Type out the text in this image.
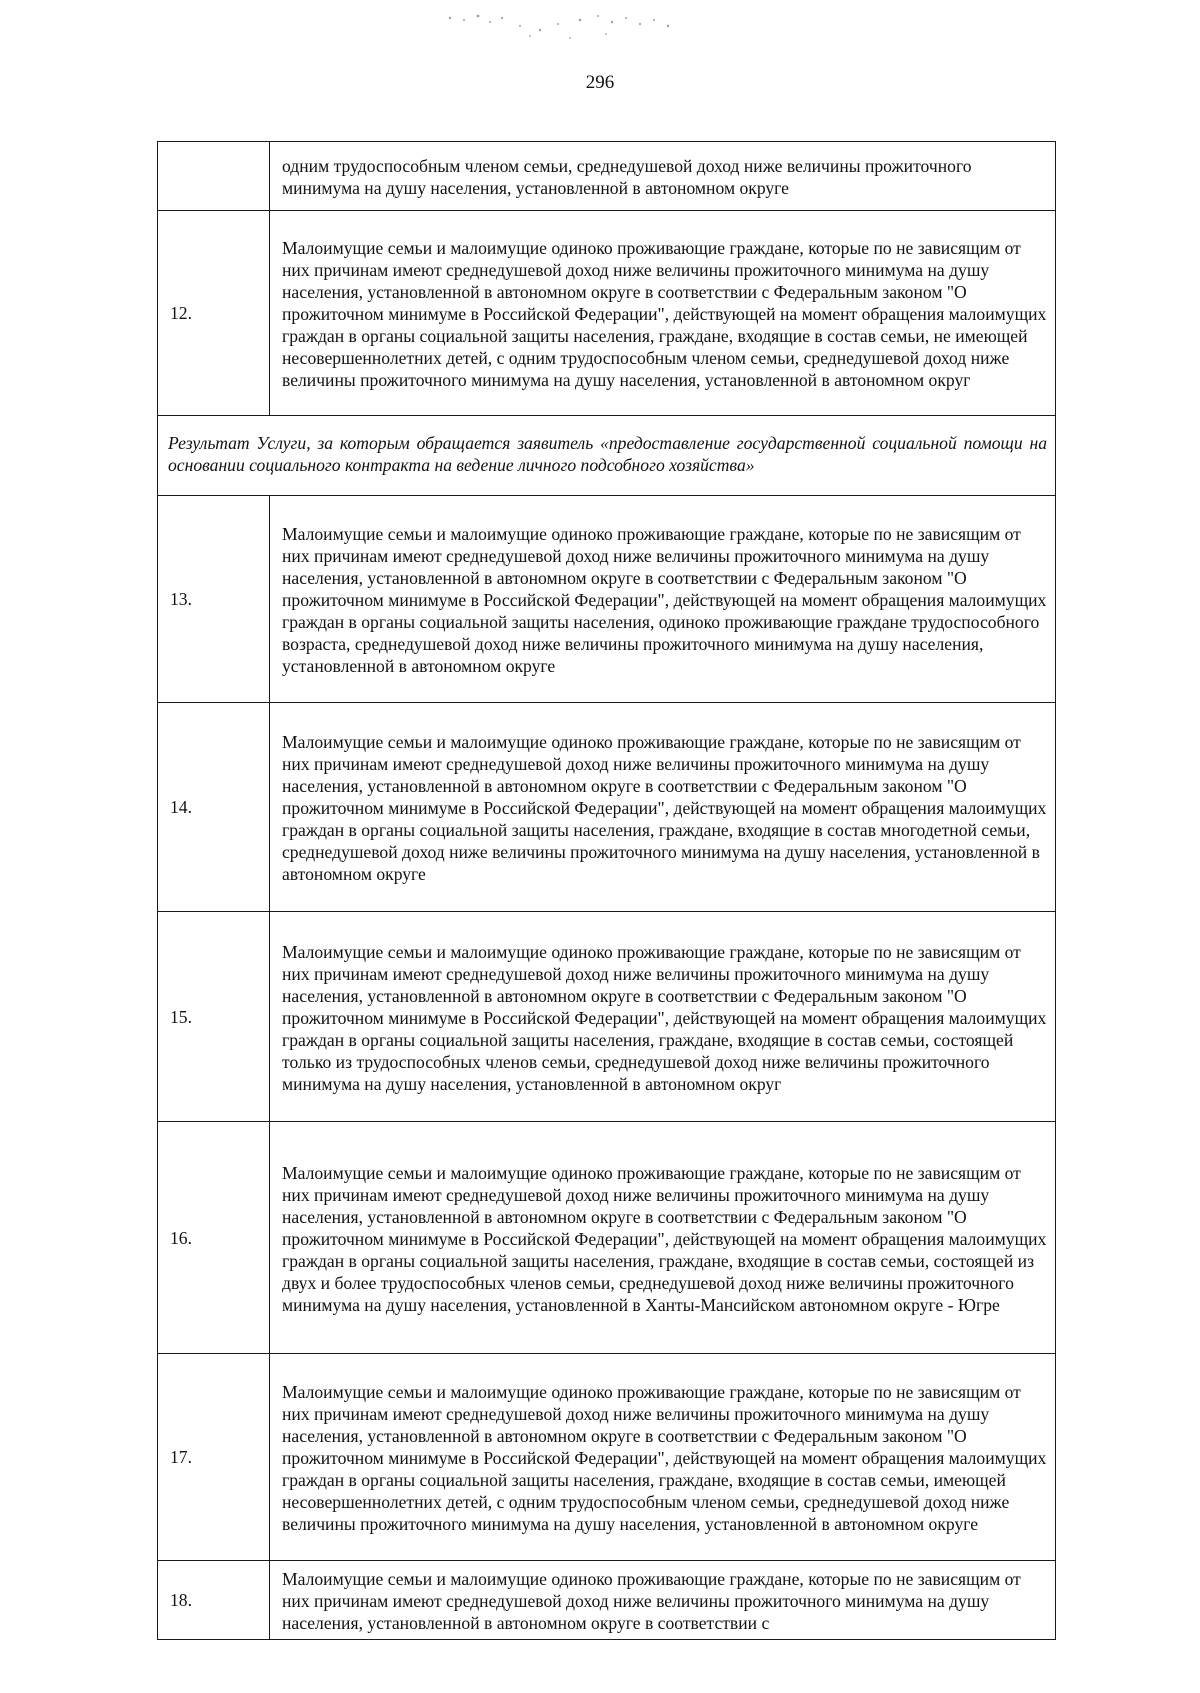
296
	одним трудоспособным членом семьи, среднедушевой доход ниже величины прожиточного минимума на душу населения, установленной в автономном округе
12.	Малоимущие семьи и малоимущие одиноко проживающие граждане, которые по не зависящим от них причинам имеют среднедушевой доход ниже величины прожиточного минимума на душу населения, установленной в автономном округе в соответствии с Федеральным законом "О прожиточном минимуме в Российской Федерации", действующей на момент обращения малоимущих граждан в органы социальной защиты населения, граждане, входящие в состав семьи, не имеющей несовершеннолетних детей, с одним трудоспособным членом семьи, среднедушевой доход ниже величины прожиточного минимума на душу населения, установленной в автономном округ
Результат Услуги, за которым обращается заявитель «предоставление государственной социальной помощи на основании социального контракта на ведение личного подсобного хозяйства»	
13.	Малоимущие семьи и малоимущие одиноко проживающие граждане, которые по не зависящим от них причинам имеют среднедушевой доход ниже величины прожиточного минимума на душу населения, установленной в автономном округе в соответствии с Федеральным законом "О прожиточном минимуме в Российской Федерации", действующей на момент обращения малоимущих граждан в органы социальной защиты населения, одиноко проживающие граждане трудоспособного возраста, среднедушевой доход ниже величины прожиточного минимума на душу населения, установленной в автономном округе
14.	Малоимущие семьи и малоимущие одиноко проживающие граждане, которые по не зависящим от них причинам имеют среднедушевой доход ниже величины прожиточного минимума на душу населения, установленной в автономном округе в соответствии с Федеральным законом "О прожиточном минимуме в Российской Федерации", действующей на момент обращения малоимущих граждан в органы социальной защиты населения, граждане, входящие в состав многодетной семьи, среднедушевой доход ниже величины прожиточного минимума на душу населения, установленной в автономном округе
15.	Малоимущие семьи и малоимущие одиноко проживающие граждане, которые по не зависящим от них причинам имеют среднедушевой доход ниже величины прожиточного минимума на душу населения, установленной в автономном округе в соответствии с Федеральным законом "О прожиточном минимуме в Российской Федерации", действующей на момент обращения малоимущих граждан в органы социальной защиты населения, граждане, входящие в состав семьи, состоящей только из трудоспособных членов семьи, среднедушевой доход ниже величины прожиточного минимума на душу населения, установленной в автономном округ
16.	Малоимущие семьи и малоимущие одиноко проживающие граждане, которые по не зависящим от них причинам имеют среднедушевой доход ниже величины прожиточного минимума на душу населения, установленной в автономном округе в соответствии с Федеральным законом "О прожиточном минимуме в Российской Федерации", действующей на момент обращения малоимущих граждан в органы социальной защиты населения, граждане, входящие в состав семьи, состоящей из двух и более трудоспособных членов семьи, среднедушевой доход ниже величины прожиточного минимума на душу населения, установленной в Ханты-Мансийском автономном округе - Югре
17.	Малоимущие семьи и малоимущие одиноко проживающие граждане, которые по не зависящим от них причинам имеют среднедушевой доход ниже величины прожиточного минимума на душу населения, установленной в автономном округе в соответствии с Федеральным законом "О прожиточном минимуме в Российской Федерации", действующей на момент обращения малоимущих граждан в органы социальной защиты населения, граждане, входящие в состав семьи, имеющей несовершеннолетних детей, с одним трудоспособным членом семьи, среднедушевой доход ниже величины прожиточного минимума на душу населения, установленной в автономном округе
18.	Малоимущие семьи и малоимущие одиноко проживающие граждане, которые по не зависящим от них причинам имеют среднедушевой доход ниже величины прожиточного минимума на душу населения, установленной в автономном округе в соответствии с
